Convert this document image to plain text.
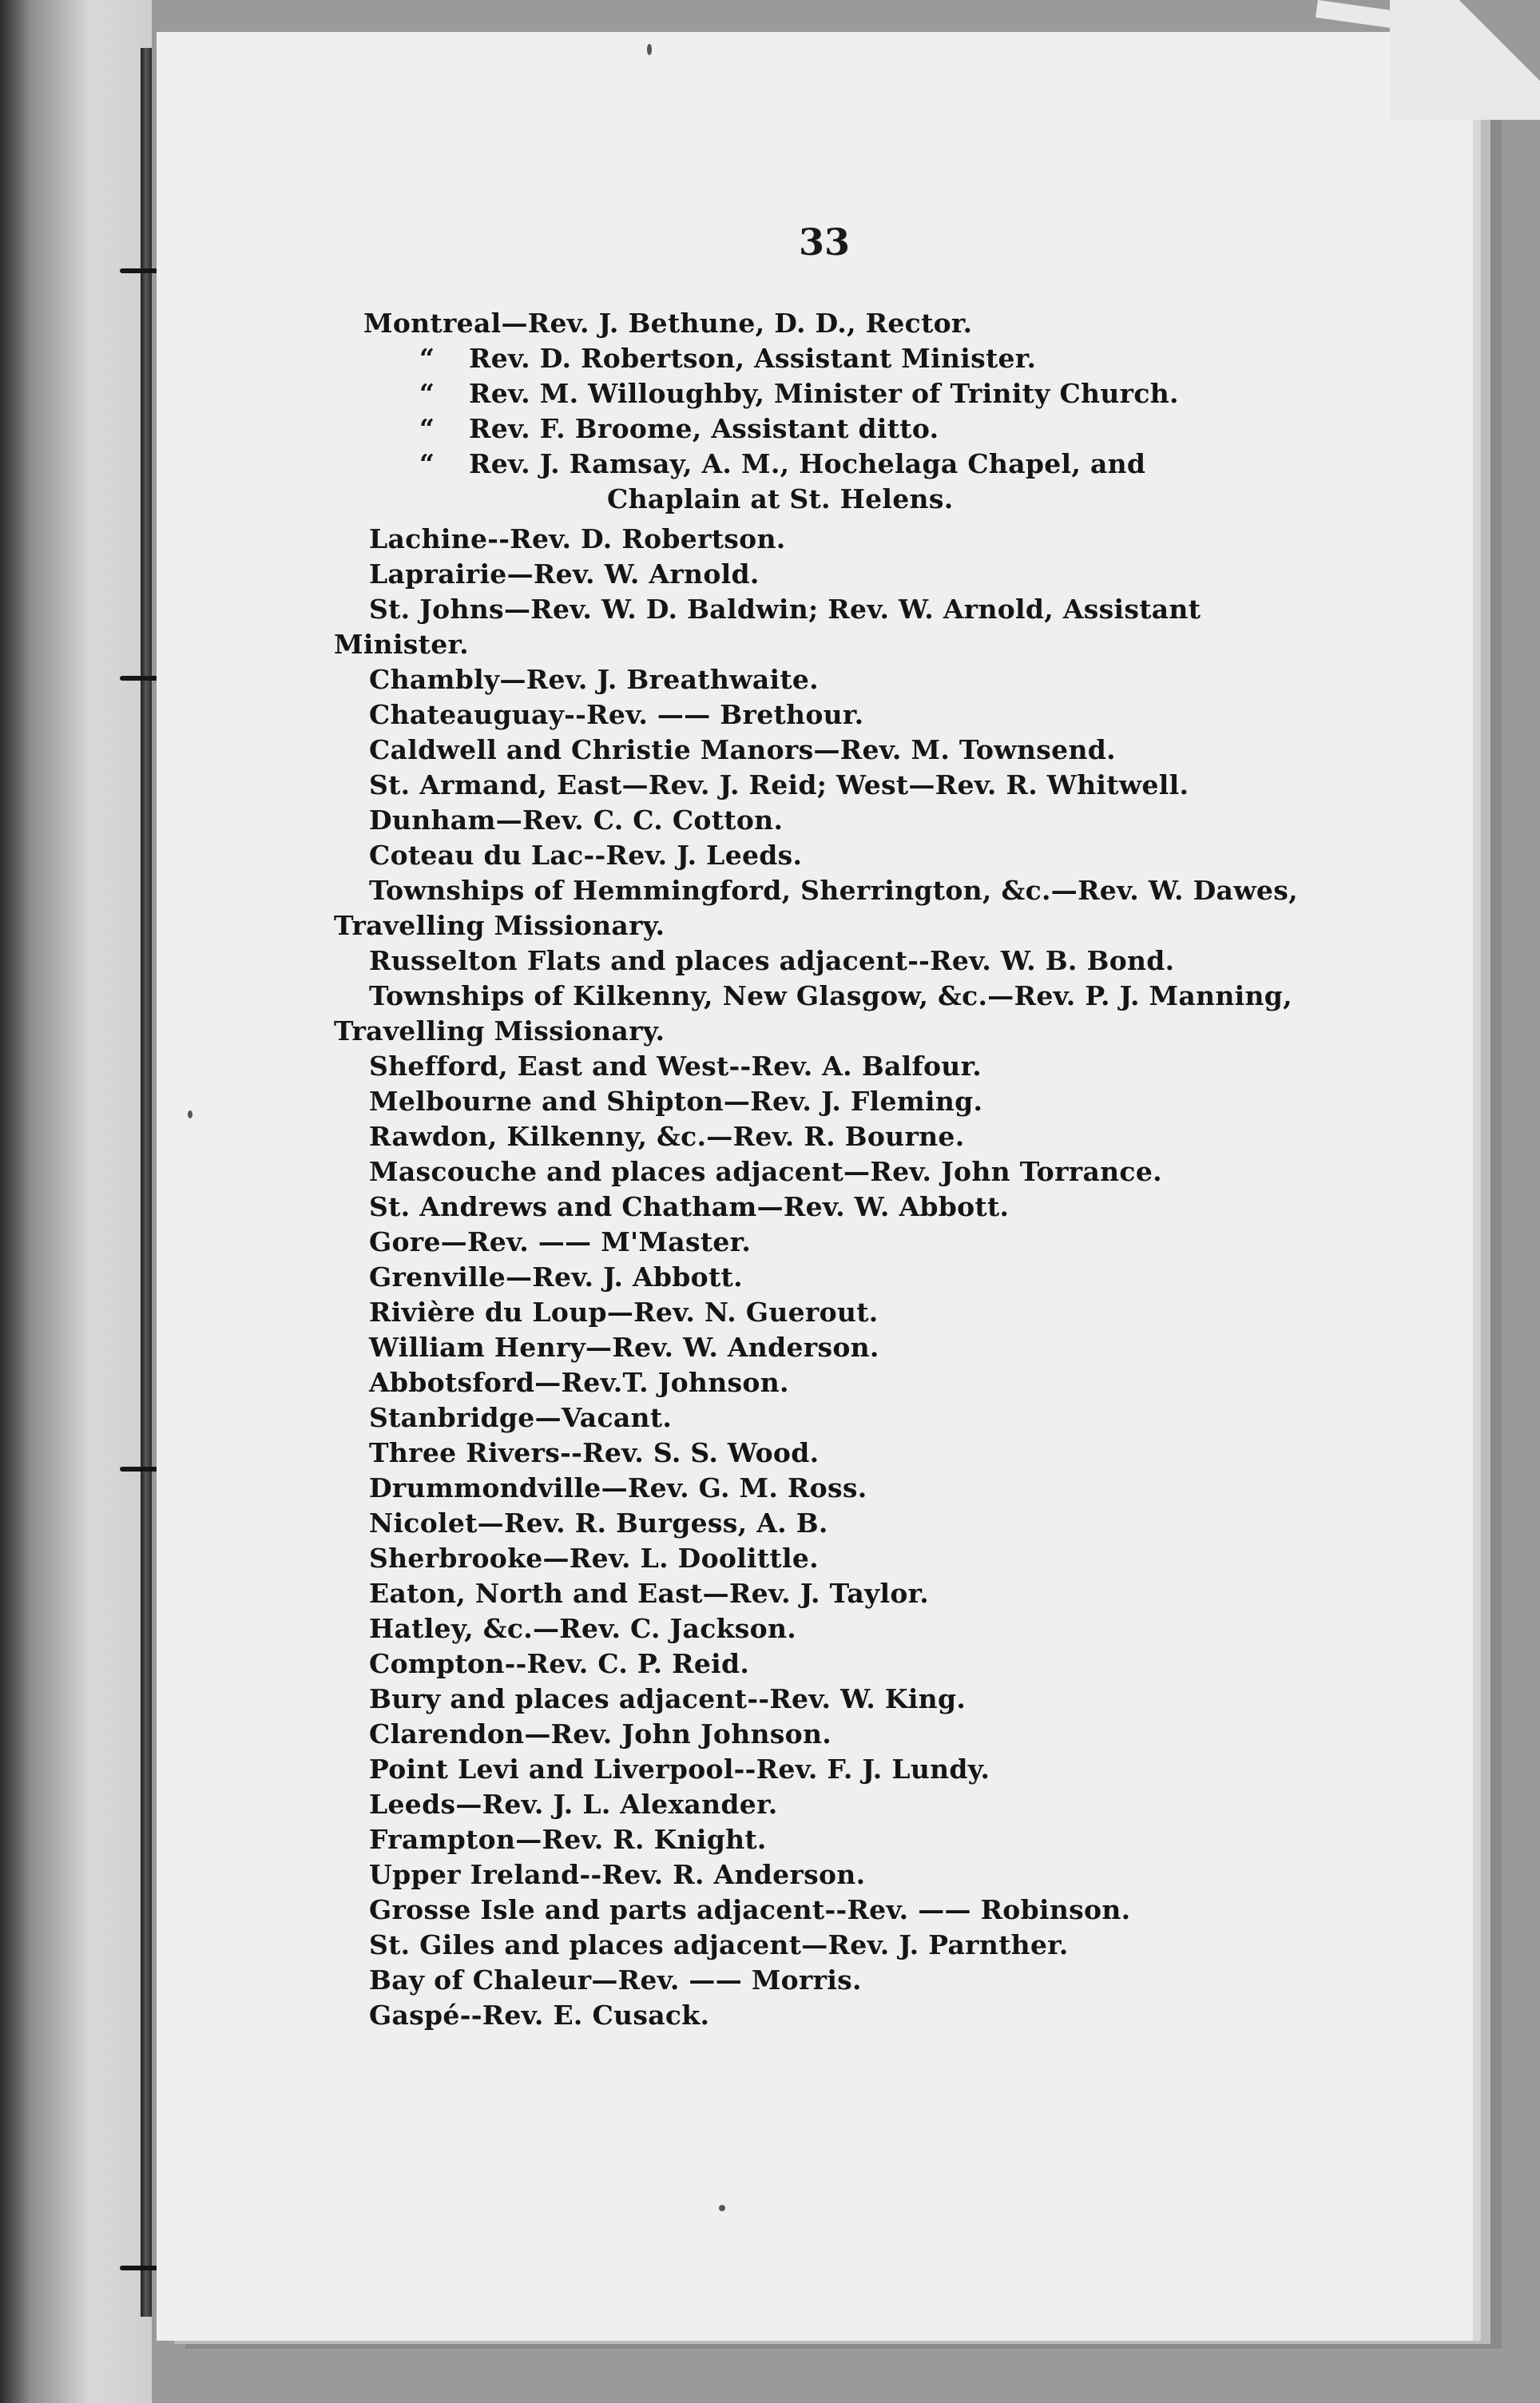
33
Montreal—Rev. J. Bethune, D. D., Rector.
“ Rev. D. Robertson, Assistant Minister.
“ Rev. M. Willoughby, Minister of Trinity Church.
“ Rev. F. Broome, Assistant ditto.
“ Rev. J. Ramsay, A. M., Hochelaga Chapel, and
Chaplain at St. Helens.
Lachine--Rev. D. Robertson.
Laprairie—Rev. W. Arnold.
St. Johns—Rev. W. D. Baldwin; Rev. W. Arnold, Assistant
Minister.
Chambly—Rev. J. Breathwaite.
Chateauguay--Rev. —— Brethour.
Caldwell and Christie Manors—Rev. M. Townsend.
St. Armand, East—Rev. J. Reid; West—Rev. R. Whitwell.
Dunham—Rev. C. C. Cotton.
Coteau du Lac--Rev. J. Leeds.
Townships of Hemmingford, Sherrington, &c.—Rev. W. Dawes,
Travelling Missionary.
Russelton Flats and places adjacent--Rev. W. B. Bond.
Townships of Kilkenny, New Glasgow, &c.—Rev. P. J. Manning,
Travelling Missionary.
Shefford, East and West--Rev. A. Balfour.
Melbourne and Shipton—Rev. J. Fleming.
Rawdon, Kilkenny, &c.—Rev. R. Bourne.
Mascouche and places adjacent—Rev. John Torrance.
St. Andrews and Chatham—Rev. W. Abbott.
Gore—Rev. —— M'Master.
Grenville—Rev. J. Abbott.
Rivière du Loup—Rev. N. Guerout.
William Henry—Rev. W. Anderson.
Abbotsford—Rev.T. Johnson.
Stanbridge—Vacant.
Three Rivers--Rev. S. S. Wood.
Drummondville—Rev. G. M. Ross.
Nicolet—Rev. R. Burgess, A. B.
Sherbrooke—Rev. L. Doolittle.
Eaton, North and East—Rev. J. Taylor.
Hatley, &c.—Rev. C. Jackson.
Compton--Rev. C. P. Reid.
Bury and places adjacent--Rev. W. King.
Clarendon—Rev. John Johnson.
Point Levi and Liverpool--Rev. F. J. Lundy.
Leeds—Rev. J. L. Alexander.
Frampton—Rev. R. Knight.
Upper Ireland--Rev. R. Anderson.
Grosse Isle and parts adjacent--Rev. —— Robinson.
St. Giles and places adjacent—Rev. J. Parnther.
Bay of Chaleur—Rev. —— Morris.
Gaspé--Rev. E. Cusack.
